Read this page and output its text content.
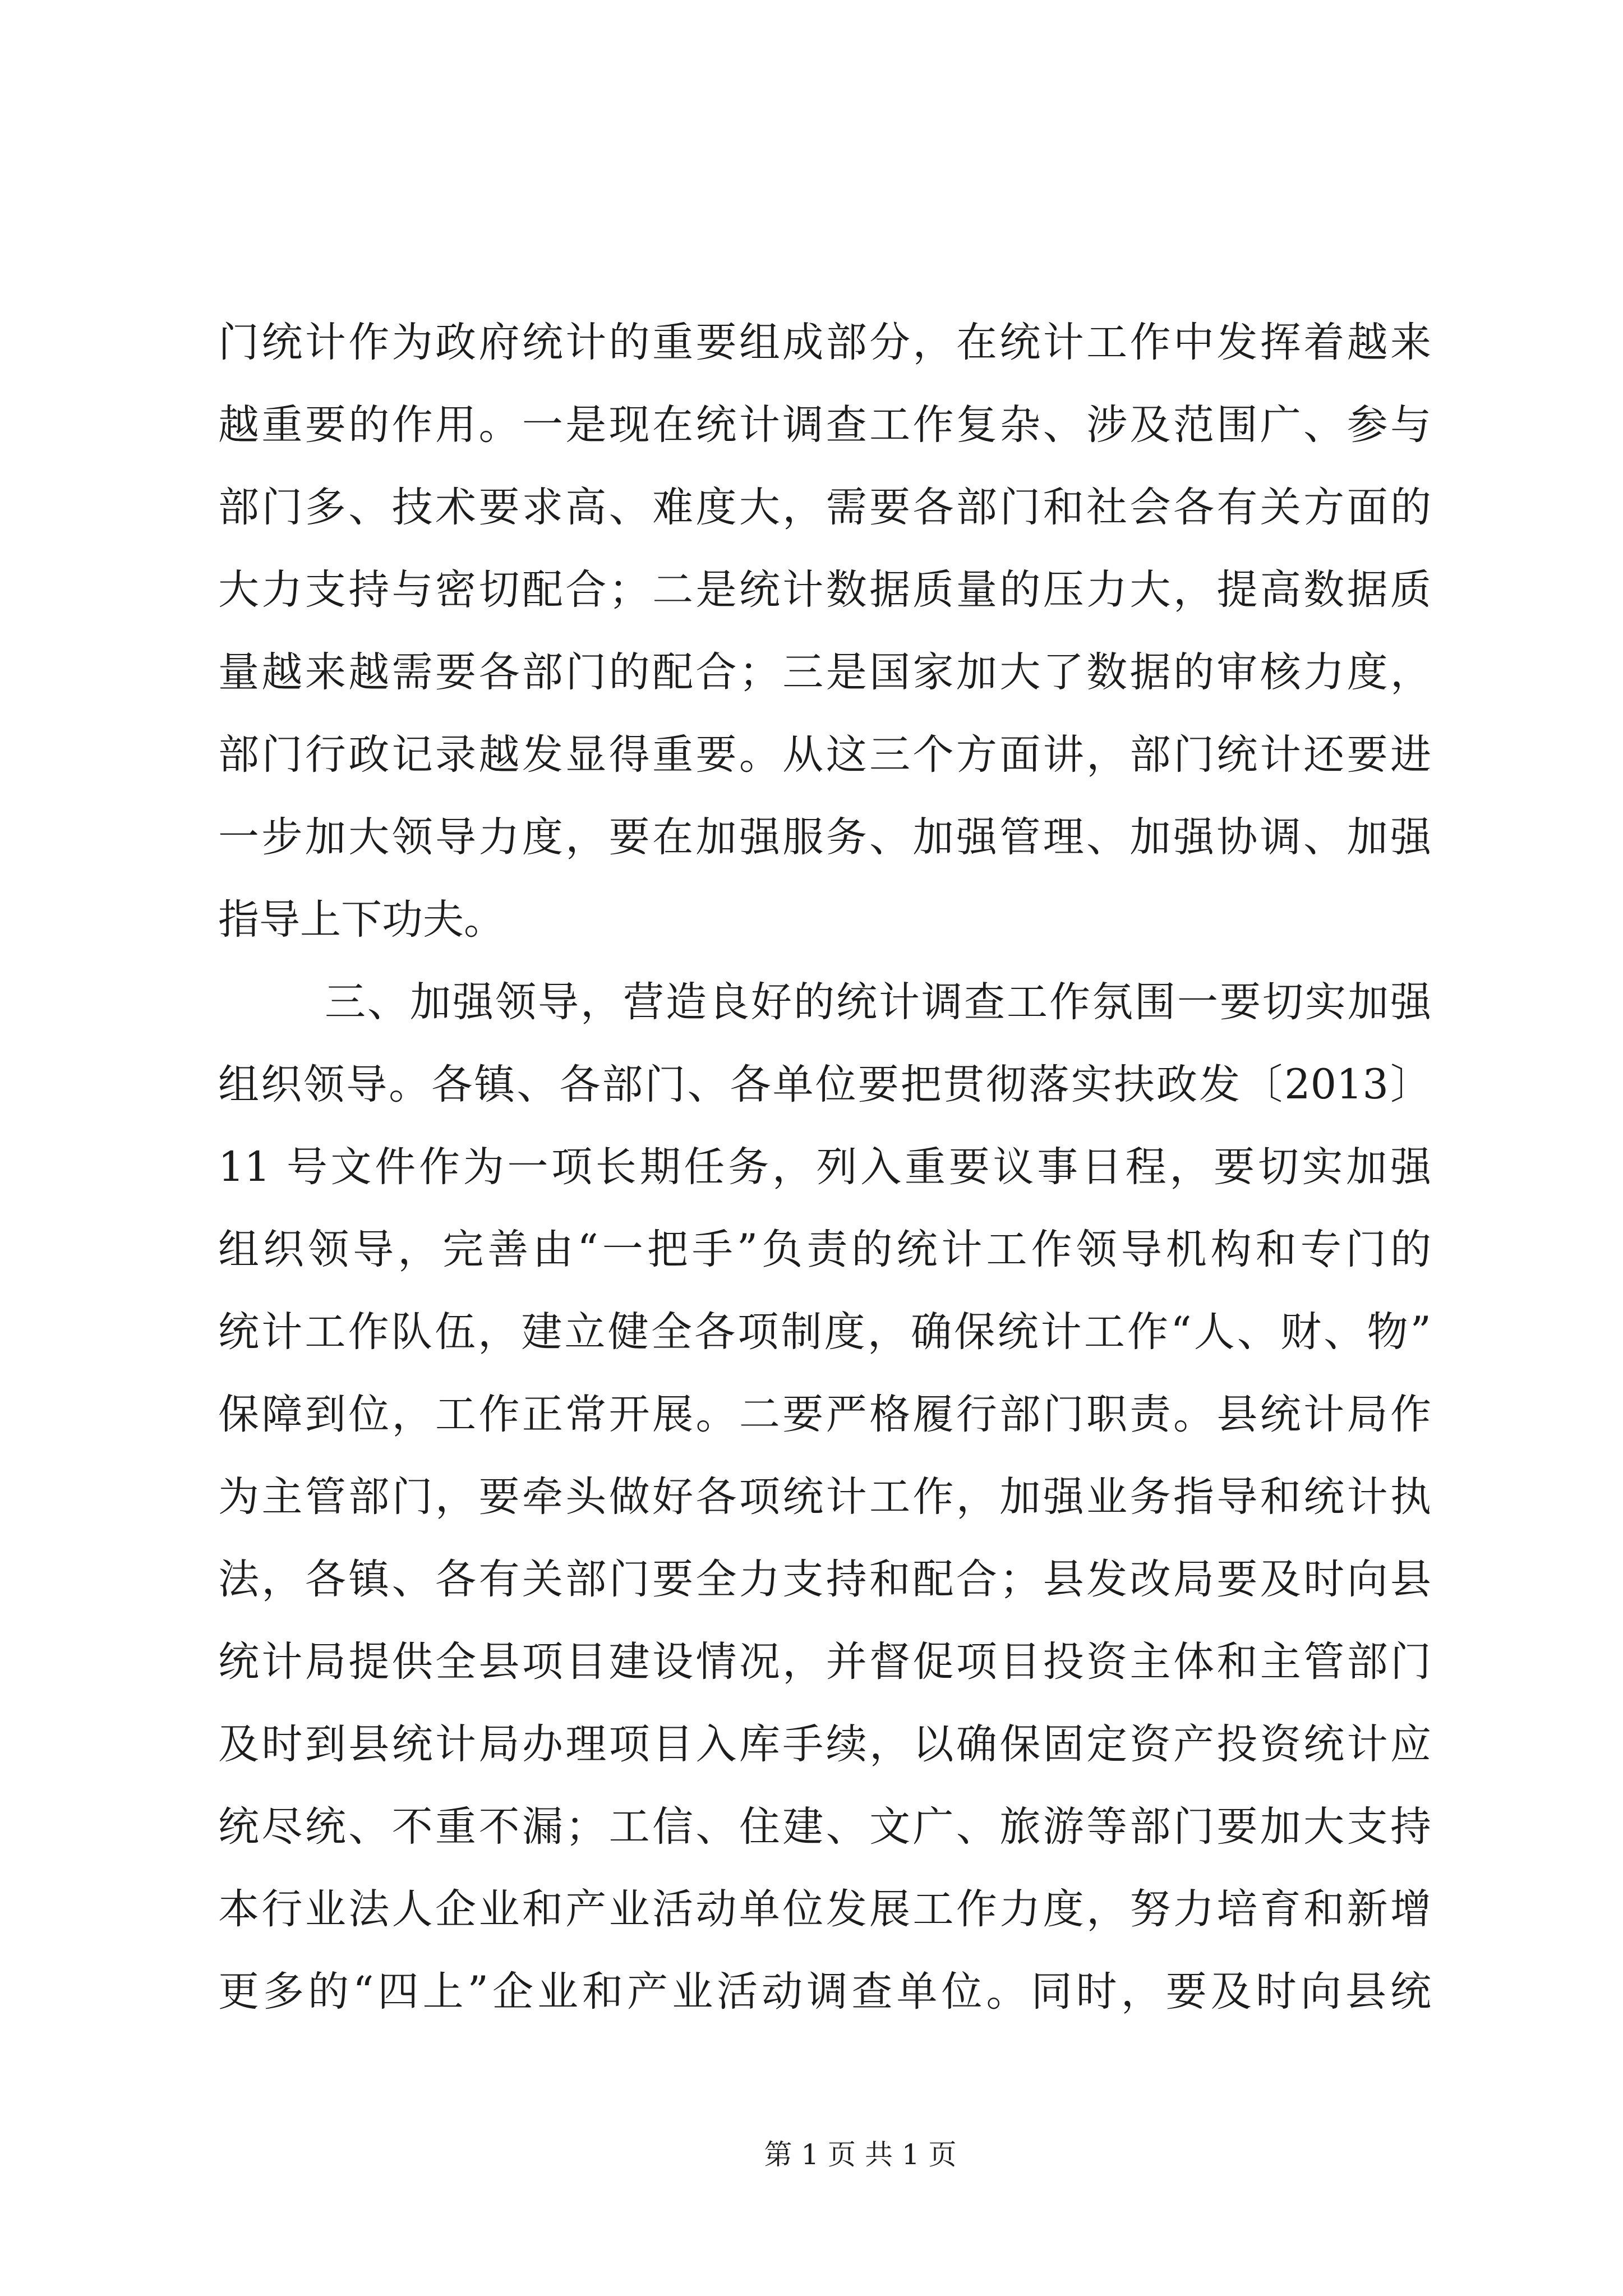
门统计作为政府统计的重要组成部分，在统计工作中发挥着越来
越重要的作用。一是现在统计调查工作复杂、涉及范围广、参与
部门多、技术要求高、难度大，需要各部门和社会各有关方面的
大力支持与密切配合；二是统计数据质量的压力大，提高数据质
量越来越需要各部门的配合；三是国家加大了数据的审核力度，
部门行政记录越发显得重要。从这三个方面讲，部门统计还要进
一步加大领导力度，要在加强服务、加强管理、加强协调、加强
指导上下功夫。
三、加强领导，营造良好的统计调查工作氛围一要切实加强
组织领导。各镇、各部门、各单位要把贯彻落实扶政发〔2013〕
11 号文件作为一项长期任务，列入重要议事日程，要切实加强
组织领导，完善由“一把手”负责的统计工作领导机构和专门的
统计工作队伍，建立健全各项制度，确保统计工作“人、财、物”
保障到位，工作正常开展。二要严格履行部门职责。县统计局作
为主管部门，要牵头做好各项统计工作，加强业务指导和统计执
法，各镇、各有关部门要全力支持和配合；县发改局要及时向县
统计局提供全县项目建设情况，并督促项目投资主体和主管部门
及时到县统计局办理项目入库手续，以确保固定资产投资统计应
统尽统、不重不漏；工信、住建、文广、旅游等部门要加大支持
本行业法人企业和产业活动单位发展工作力度，努力培育和新增
更多的“四上”企业和产业活动调查单位。同时，要及时向县统
第 1 页 共 1 页
